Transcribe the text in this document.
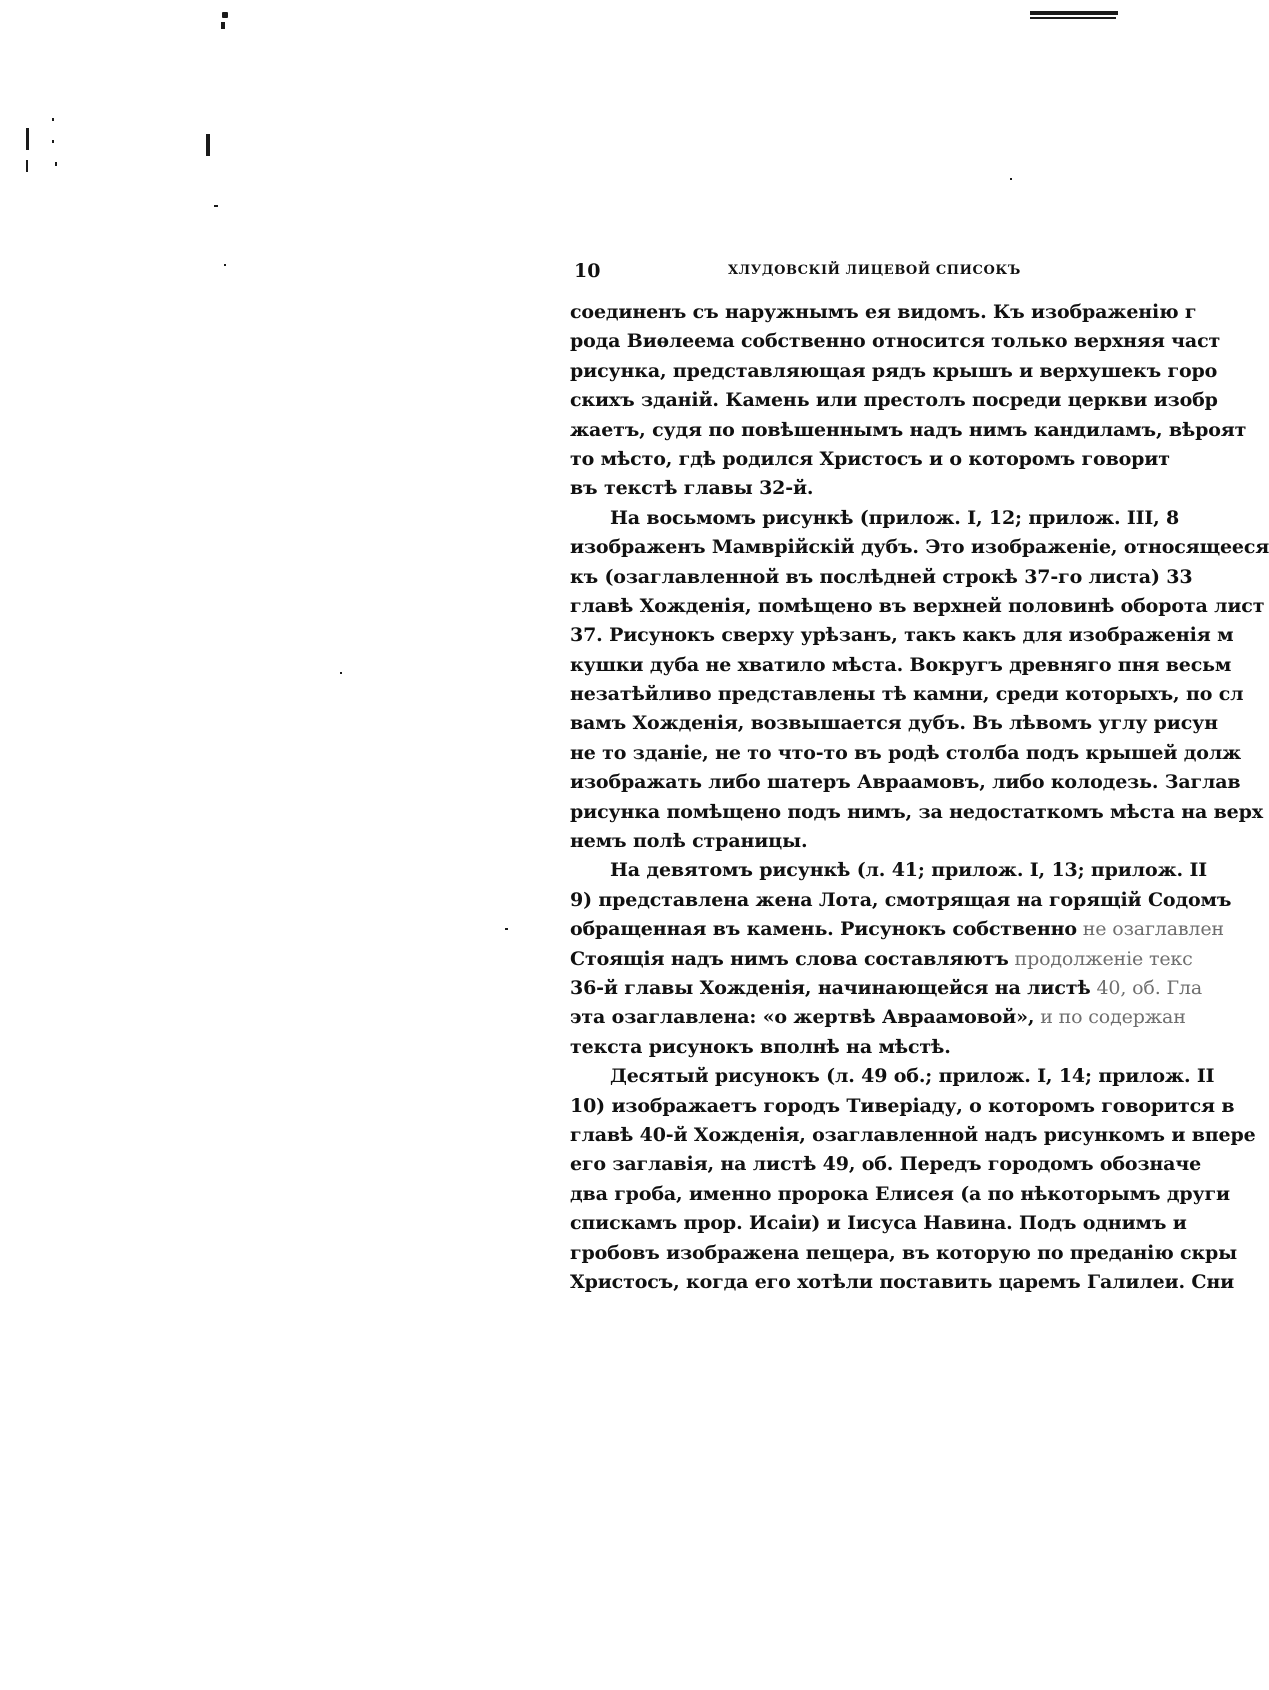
10	ХЛУДОВСКІЙ ЛИЦЕВОЙ СПИСОКЪ
соединенъ съ наружнымъ ея видомъ. Къ изображенію г
рода Виѳлеема собственно относится только верхняя част
рисунка, представляющая рядъ крышъ и верхушекъ горо
скихъ зданій. Камень или престолъ посреди церкви изобр
жаетъ, судя по повѣшеннымъ надъ нимъ кандиламъ, вѣроят
то мѣсто, гдѣ родился Христосъ и о которомъ говорит
въ текстѣ главы 32-й.
На восьмомъ рисункѣ (прилож. I, 12; прилож. III, 8
изображенъ Мамврійскій дубъ. Это изображеніе, относящееся
къ (озаглавленной въ послѣдней строкѣ 37-го листа) 33
главѣ Хожденія, помѣщено въ верхней половинѣ оборота лист
37. Рисунокъ сверху урѣзанъ, такъ какъ для изображенія м
кушки дуба не хватило мѣста. Вокругъ древняго пня весьм
незатѣйливо представлены тѣ камни, среди которыхъ, по сл
вамъ Хожденія, возвышается дубъ. Въ лѣвомъ углу рисун
не то зданіе, не то что-то въ родѣ столба подъ крышей долж
изображать либо шатеръ Авраамовъ, либо колодезь. Заглав
рисунка помѣщено подъ нимъ, за недостаткомъ мѣста на верх
немъ полѣ страницы.
На девятомъ рисункѣ (л. 41; прилож. I, 13; прилож. II
9) представлена жена Лота, смотрящая на горящій Содомъ
обращенная въ камень. Рисунокъ собственно не озаглавлен
Стоящія надъ нимъ слова составляютъ продолженіе текс
36-й главы Хожденія, начинающейся на листѣ 40, об. Гла
эта озаглавлена: «о жертвѣ Авраамовой», и по содержан
текста рисунокъ вполнѣ на мѣстѣ.
Десятый рисунокъ (л. 49 об.; прилож. I, 14; прилож. II
10) изображаетъ городъ Тиверіаду, о которомъ говорится в
главѣ 40-й Хожденія, озаглавленной надъ рисункомъ и впере
его заглавія, на листѣ 49, об. Передъ городомъ обозначе
два гроба, именно пророка Елисея (а по нѣкоторымъ други
спискамъ прор. Исаіи) и Іисуса Навина. Подъ однимъ и
гробовъ изображена пещера, въ которую по преданію скры
Христосъ, когда его хотѣли поставить царемъ Галилеи. Сни
